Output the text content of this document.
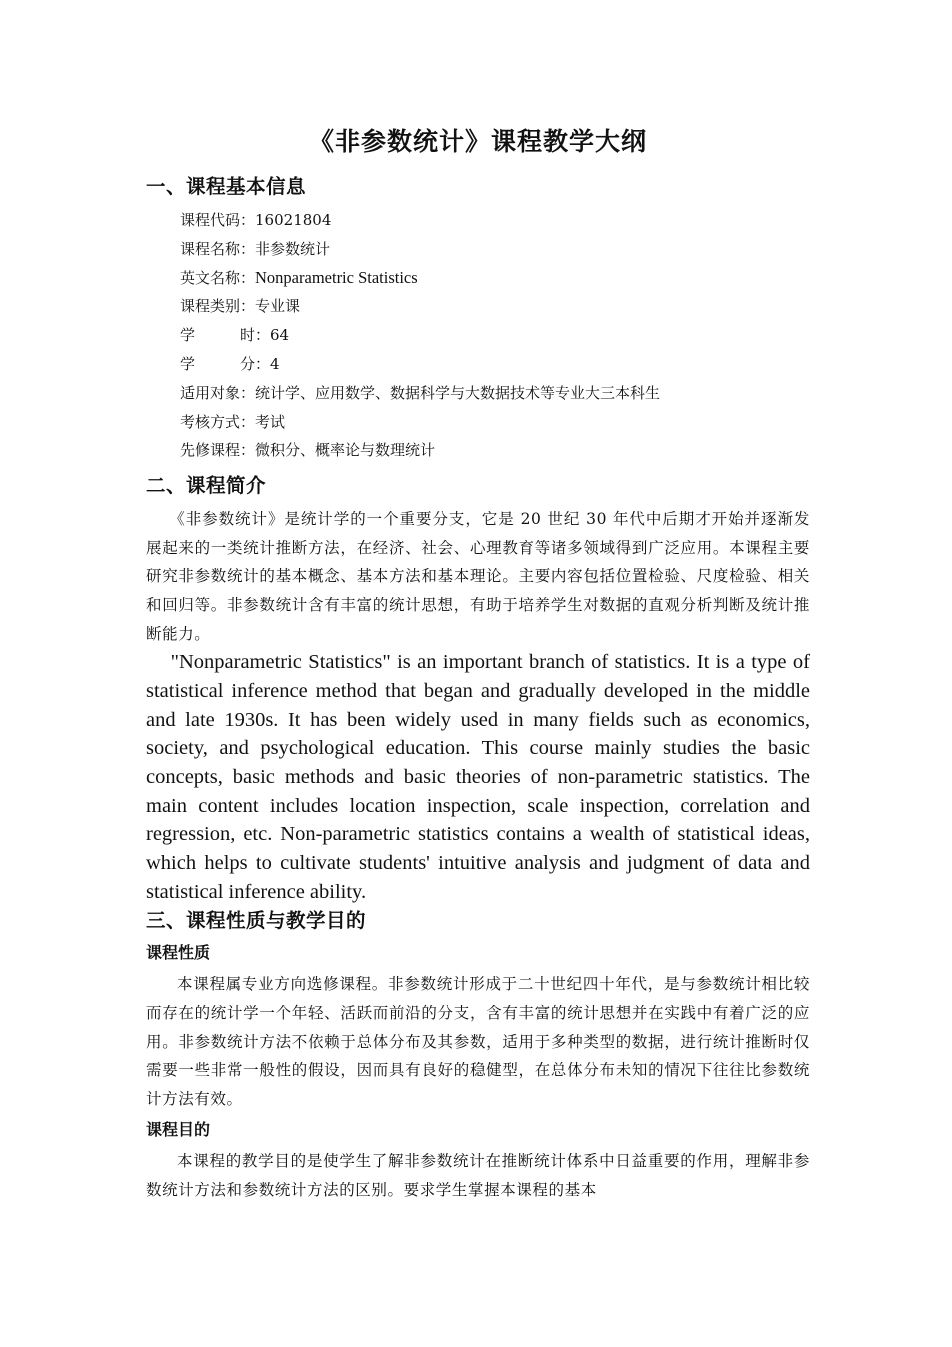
《非参数统计》课程教学大纲
一、课程基本信息
课程代码：16021804
课程名称：非参数统计
英文名称：Nonparametric Statistics
课程类别：专业课
学	时： 64
学	分： 4
适用对象：统计学、应用数学、数据科学与大数据技术等专业大三本科生
考核方式：考试
先修课程：微积分、概率论与数理统计
二、课程简介

《非参数统计》是统计学的一个重要分支，它是 20 世纪 30 年代中后期才开始并逐渐发展起来的一类统计推断方法，在经济、社会、心理教育等诸多领域得到广泛应用。本课程主要研究非参数统计的基本概念、基本方法和基本理论。主要内容包括位置检验、尺度检验、相关和回归等。非参数统计含有丰富的统计思想，有助于培养学生对数据的直观分析判断及统计推断能力。

"Nonparametric Statistics" is an important branch of statistics. It is a type of statistical inference method that began and gradually developed in the middle and late 1930s. It has been widely used in many fields such as economics, society, and psychological education. This course mainly studies the basic concepts, basic methods and basic theories of non-parametric statistics. The main content includes location inspection, scale inspection, correlation and regression, etc. Non-parametric statistics contains a wealth of statistical ideas, which helps to cultivate students' intuitive analysis and judgment of data and statistical inference ability.

三、课程性质与教学目的
课程性质

本课程属专业方向选修课程。非参数统计形成于二十世纪四十年代，是与参数统计相比较而存在的统计学一个年轻、活跃而前沿的分支，含有丰富的统计思想并在实践中有着广泛的应用。非参数统计方法不依赖于总体分布及其参数，适用于多种类型的数据，进行统计推断时仅需要一些非常一般性的假设，因而具有良好的稳健型，在总体分布未知的情况下往往比参数统计方法有效。

课程目的

本课程的教学目的是使学生了解非参数统计在推断统计体系中日益重要的作用，理解非参数统计方法和参数统计方法的区别。要求学生掌握本课程的基本
